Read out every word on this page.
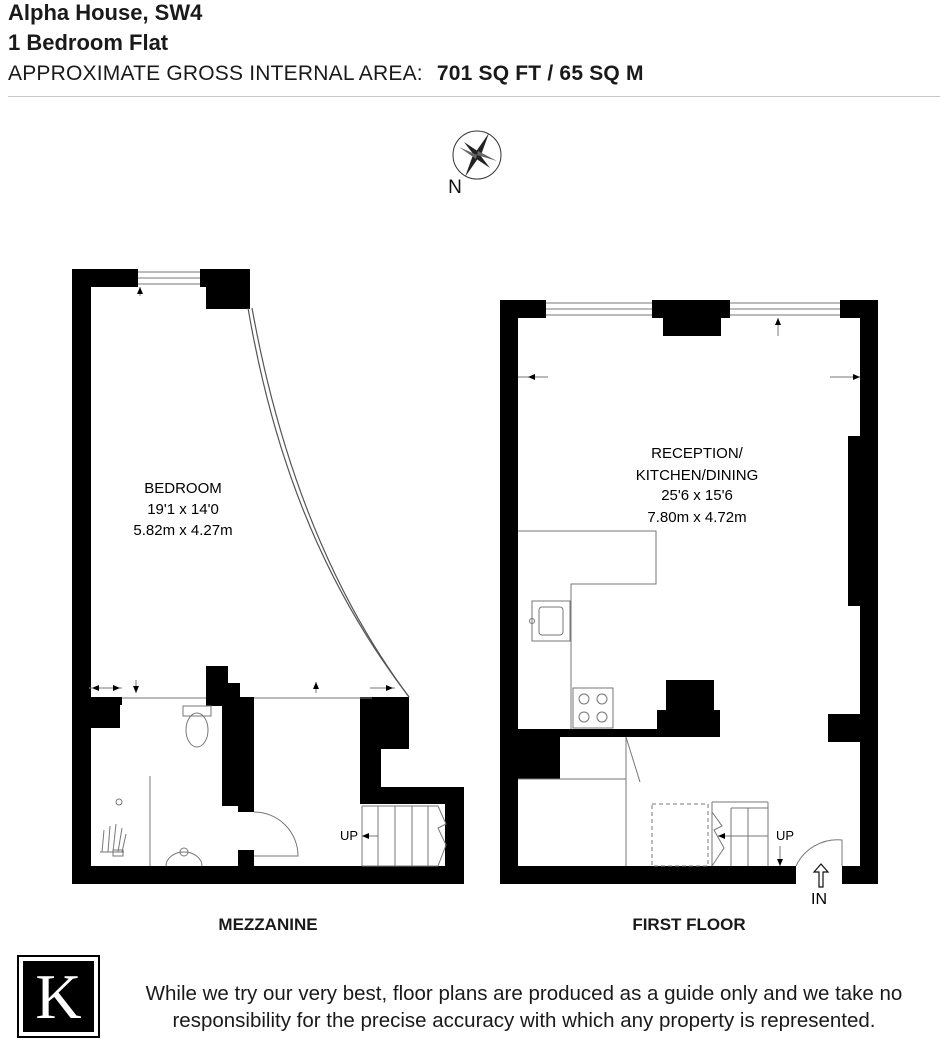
Alpha House, SW4
1 Bedroom Flat
APPROXIMATE GROSS INTERNAL AREA: 701 SQ FT / 65 SQ M
N
BEDROOM
19'1 x 14'0
5.82m x 4.27m
UP
RECEPTION/
KITCHEN/DINING
25'6 x 15'6
7.80m x 4.72m
UP
IN
MEZZANINE	FIRST FLOOR
K	While we try our very best, floor plans are produced as a guide only and we take no responsibility for the precise accuracy with which any property is represented.
